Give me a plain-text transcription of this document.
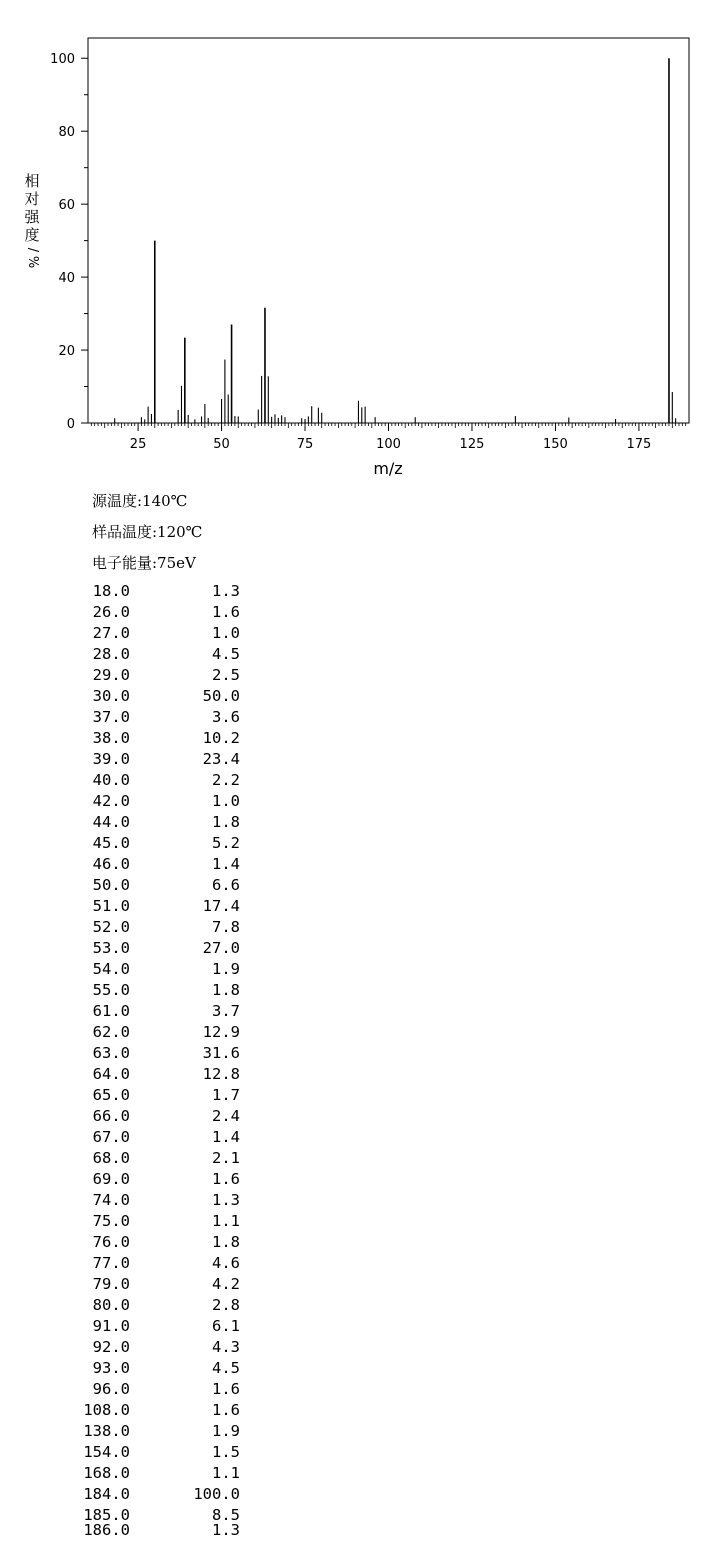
0
20
40
60
80
100
25	50	75	100	125	150	175
m/z
相
对
强
度
/
%
源温度:140℃
样品温度:120℃
电子能量:75eV
18.0	1.3
26.0	1.6
27.0	1.0
28.0	4.5
29.0	2.5
30.0	50.0
37.0	3.6
38.0	10.2
39.0	23.4
40.0	2.2
42.0	1.0
44.0	1.8
45.0	5.2
46.0	1.4
50.0	6.6
51.0	17.4
52.0	7.8
53.0	27.0
54.0	1.9
55.0	1.8
61.0	3.7
62.0	12.9
63.0	31.6
64.0	12.8
65.0	1.7
66.0	2.4
67.0	1.4
68.0	2.1
69.0	1.6
74.0	1.3
75.0	1.1
76.0	1.8
77.0	4.6
79.0	4.2
80.0	2.8
91.0	6.1
92.0	4.3
93.0	4.5
96.0	1.6
108.0	1.6
138.0	1.9
154.0	1.5
168.0	1.1
184.0	100.0
185.0	8.5
186.0	1.3
